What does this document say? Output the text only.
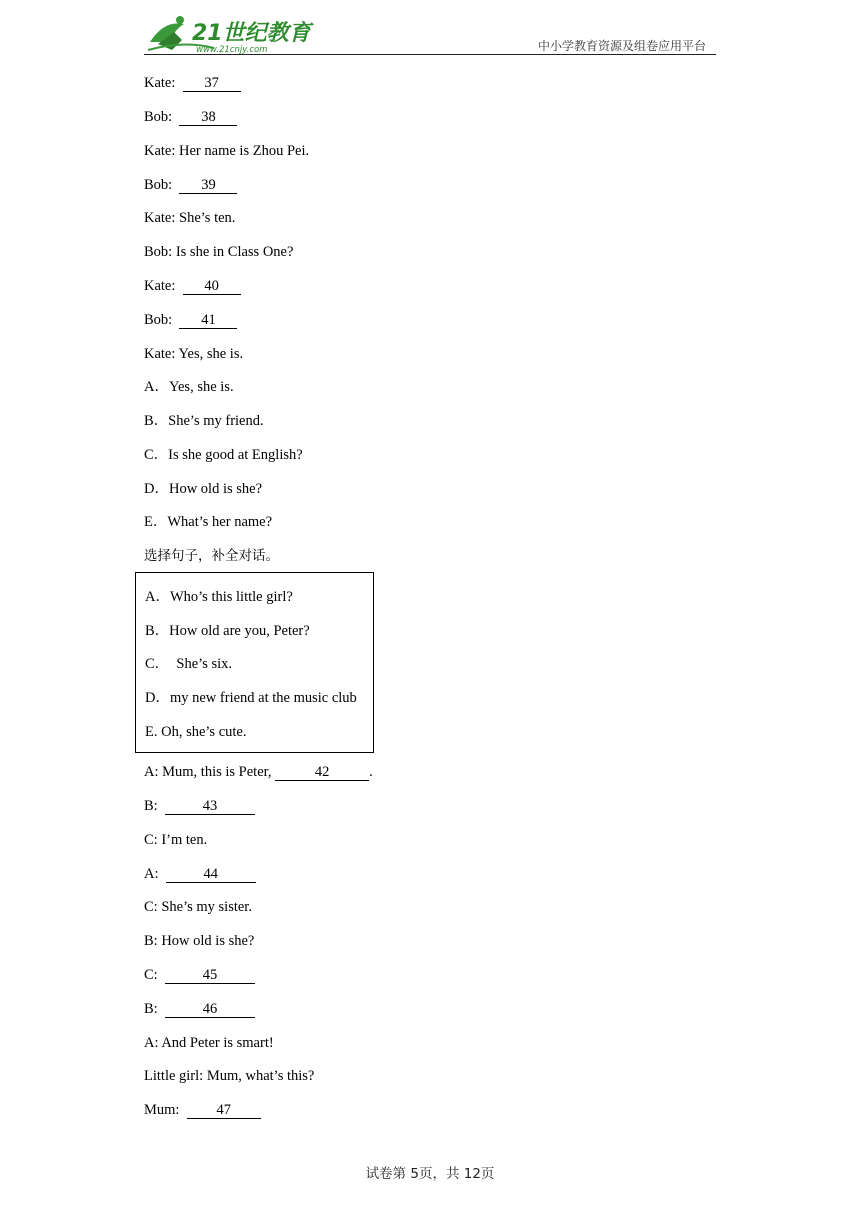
21世纪教育
www.21cnjy.com	中小学教育资源及组卷应用平台
Kate:  37
Bob:  38
Kate: Her name is Zhou Pei.
Bob:  39
Kate: She’s ten.
Bob: Is she in Class One?
Kate:  40
Bob:  41
Kate: Yes, she is.
A．Yes, she is.
B．She’s my friend.
C．Is she good at English?
D．How old is she?
E．What’s her name?
选择句子，补全对话。
A．Who’s this little girl?
B．How old are you, Peter?
C．  She’s six.
D．my new friend at the music club
E. Oh, she’s cute.
A: Mum, this is Peter,	42	.
B:	43
C: I’m ten.
A:	44
C: She’s my sister.
B: How old is she?
C:	45
B:	46
A: And Peter is smart!
Little girl: Mum, what’s this?
Mum:  47
试卷第 5页，共 12页
